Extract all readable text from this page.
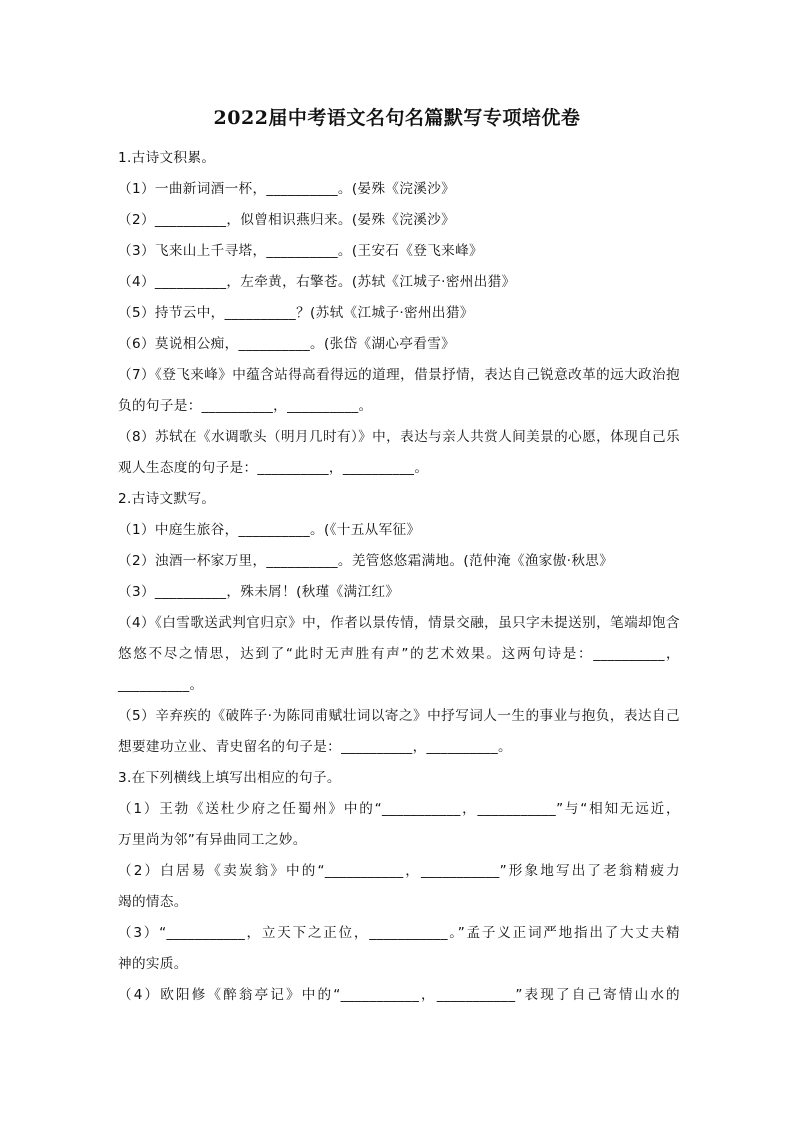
2022届中考语文名句名篇默写专项培优卷
1.古诗文积累。
（1）一曲新词酒一杯，__________。(晏殊《浣溪沙》
（2）__________，似曾相识燕归来。(晏殊《浣溪沙》
（3）飞来山上千寻塔，__________。(王安石《登飞来峰》
（4）__________，左牵黄，右擎苍。(苏轼《江城子·密州出猎》
（5）持节云中，__________？(苏轼《江城子·密州出猎》
（6）莫说相公痴，__________。(张岱《湖心亭看雪》
（7）《登飞来峰》中蕴含站得高看得远的道理，借景抒情，表达自己锐意改革的远大政治抱
负的句子是：__________，__________。
（8）苏轼在《水调歌头（明月几时有）》中，表达与亲人共赏人间美景的心愿，体现自己乐
观人生态度的句子是：__________，__________。
2.古诗文默写。
（1）中庭生旅谷，__________。(《十五从军征》
（2）浊酒一杯家万里，__________。羌管悠悠霜满地。(范仲淹《渔家傲·秋思》
（3）__________，殊未屑！(秋瑾《满江红》
（4）《白雪歌送武判官归京》中，作者以景传情，情景交融，虽只字未提送别，笔端却饱含
悠悠不尽之情思，达到了“此时无声胜有声”的艺术效果。这两句诗是：__________，
__________。
（5）辛弃疾的《破阵子·为陈同甫赋壮词以寄之》中抒写词人一生的事业与抱负，表达自己
想要建功立业、青史留名的句子是：__________，__________。
3.在下列横线上填写出相应的句子。
（1）王勃《送杜少府之任蜀州》中的“___________，___________”与“相知无远近，
万里尚为邻”有异曲同工之妙。
（2）白居易《卖炭翁》中的“___________，___________”形象地写出了老翁精疲力
竭的情态。
（3）“___________，立天下之正位，___________。”孟子义正词严地指出了大丈夫精
神的实质。
（4）欧阳修《醉翁亭记》中的“___________，___________”表现了自己寄情山水的
